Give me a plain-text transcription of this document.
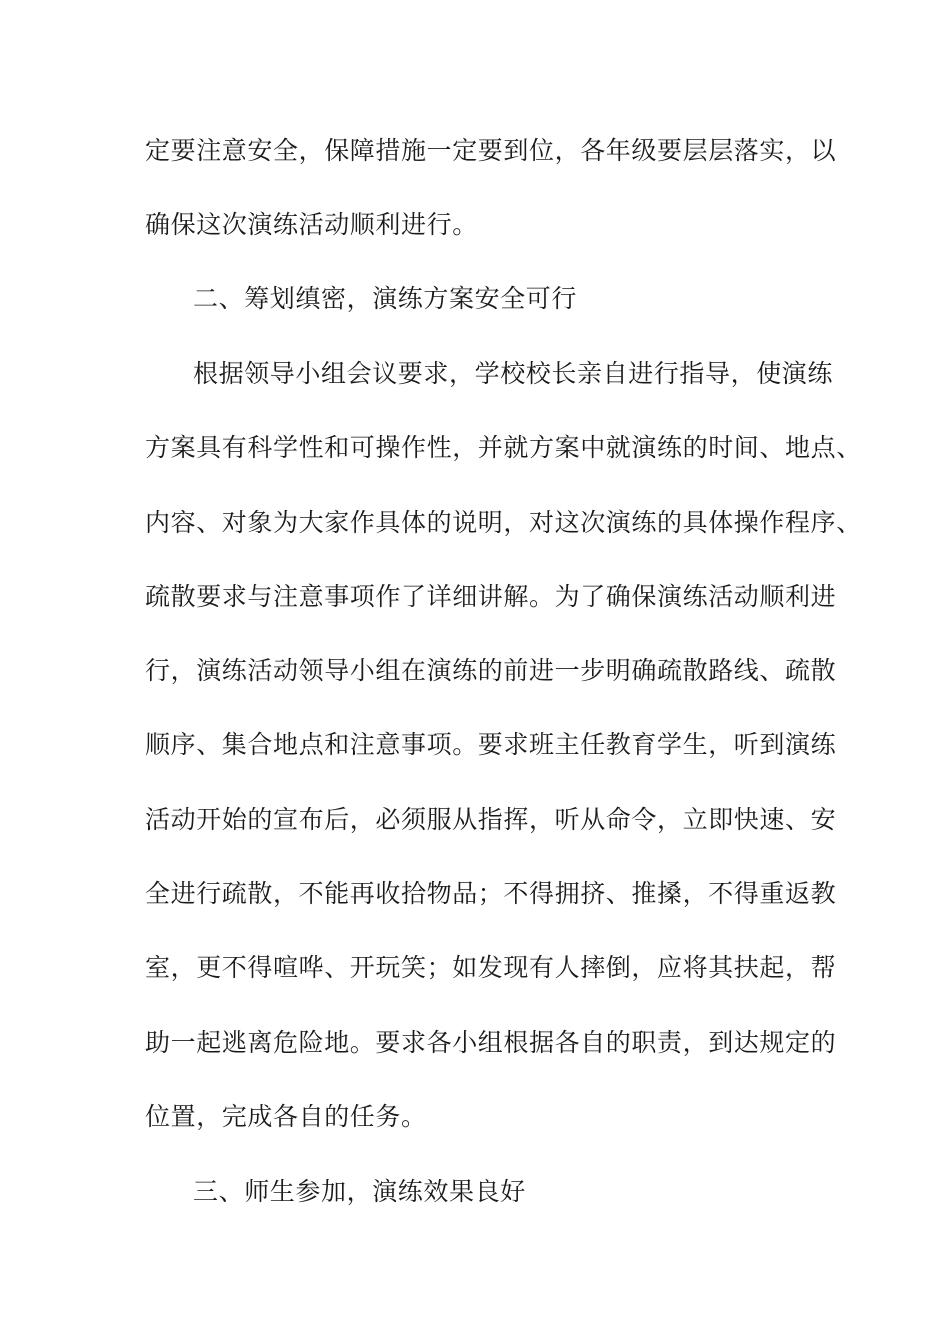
定要注意安全，保障措施一定要到位，各年级要层层落实，以
确保这次演练活动顺利进行。
二、筹划缜密，演练方案安全可行
根据领导小组会议要求，学校校长亲自进行指导，使演练
方案具有科学性和可操作性，并就方案中就演练的时间、地点、
内容、对象为大家作具体的说明，对这次演练的具体操作程序、
疏散要求与注意事项作了详细讲解。为了确保演练活动顺利进
行，演练活动领导小组在演练的前进一步明确疏散路线、疏散
顺序、集合地点和注意事项。要求班主任教育学生，听到演练
活动开始的宣布后，必须服从指挥，听从命令，立即快速、安
全进行疏散，不能再收拾物品；不得拥挤、推搡，不得重返教
室，更不得喧哗、开玩笑；如发现有人摔倒，应将其扶起，帮
助一起逃离危险地。要求各小组根据各自的职责，到达规定的
位置，完成各自的任务。
三、师生参加，演练效果良好
